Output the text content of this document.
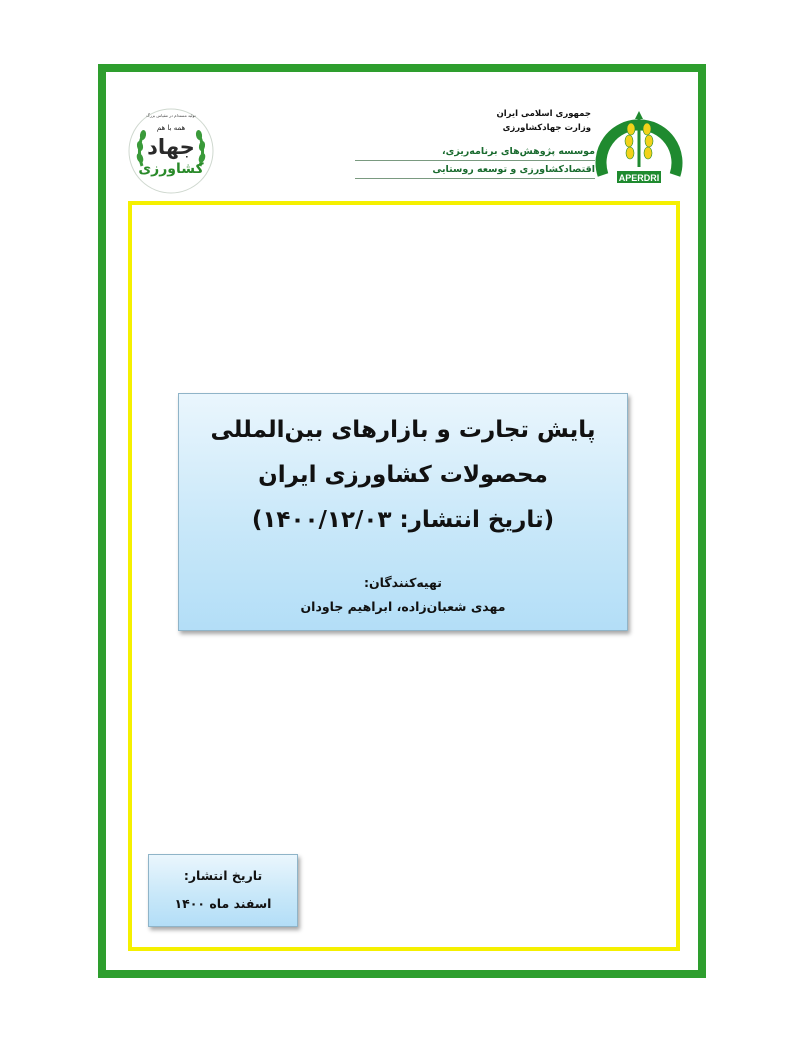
تولید مستدام در مقیاس بزرگ
همه با هم
جهاد
کشاورزی
جمهوری اسلامی ایران
وزارت جهادکشاورزی
موسسه پژوهش‌های برنامه‌ریزی،
اقتصادکشاورزی و توسعه روستایی
APERDRI
پایش تجارت و بازارهای بین‌المللی
محصولات کشاورزی ایران
(تاریخ انتشار: ۱۴۰۰/۱۲/۰۳)
تهیه‌کنندگان:
مهدی شعبان‌زاده، ابراهیم جاودان
تاریخ انتشار:
اسفند ماه ۱۴۰۰
